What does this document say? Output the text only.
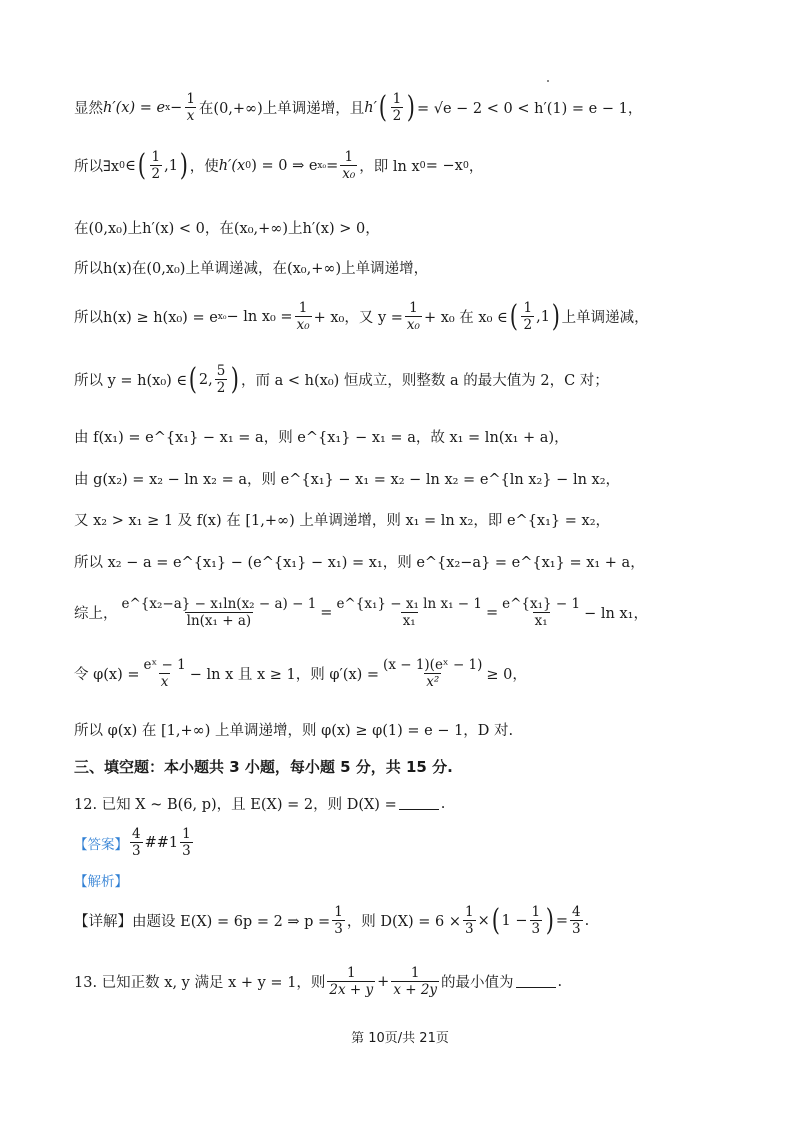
显然 h′(x) = e $x - \frac{1}{x}$ 在(0,+∞)上单调递增，且 h′ ( $\frac{1}{2}$ ) = √e − 2 < 0 < h′(1) = e − 1，
所以∃x 0 ∈ ( $\frac{1}{2}$ , 1 ) ，使 h′(x 0 ) = 0 ⇒ e $x_0 = \frac{1}{\text{x₀}}$ ，即 ln x 0 = −x 0 ，
在(0,x₀)上h′(x) < 0，在(x₀,+∞)上h′(x) > 0，
所以h(x)在(0,x₀)上单调递减，在(x₀,+∞)上单调递增，
所以h(x) ≥ h(x₀) = e $x_0 - \ln x_0 = \frac{1}{\text{x₀}} + x_0$，又 $y = \frac{1}{\text{x₀}} + x_0$ 在 x₀ ∈ ( $\frac{1}{2}$ , 1 ) 上单调递减，
所以 y = h(x₀) ∈ ( 2, $\frac{5}{2}$ ) ，而 a < h(x₀) 恒成立，则整数 a 的最大值为 2，C 对；
由 f(x₁) = e^{x₁} − x₁ = a，则 e^{x₁} − x₁ = a，故 x₁ = ln(x₁ + a)，
由 g(x₂) = x₂ − ln x₂ = a，则 e^{x₁} − x₁ = x₂ − ln x₂ = e^{ln x₂} − ln x₂，
又 x₂ > x₁ ≥ 1 及 f(x) 在 [1,+∞) 上单调递增，则 x₁ = ln x₂，即 e^{x₁} = x₂，
所以 x₂ − a = e^{x₁} − (e^{x₁} − x₁) = x₁，则 e^{x₂−a} = e^{x₁} = x₁ + a，
综上， $\frac{\text{e\textasciicircum{}\{x₂−a\} − x₁ln(x₂ − a) − 1}}{\text{ln(x₁ + a)}} = \frac{\text{e\textasciicircum{}\{x₁\} − x₁ ln x₁ − 1}}{\text{x₁}} = \frac{\text{e\textasciicircum{}\{x₁\} − 1}}{\text{x₁}} - \ln x_1$，
令 $\varphi(x) = \frac{\text{eˣ − 1}}{x} - \ln x$ 且 x ≥ 1，则 $\varphi'(x) = \frac{\text{(x − 1)(eˣ − 1)}}{\text{x²}} \ge 0$，
所以 φ(x) 在 [1,+∞) 上单调递增，则 φ(x) ≥ φ(1) = e − 1，D 对.
三、填空题：本小题共 3 小题，每小题 5 分，共 15 分.
12. 已知 X ~ B(6, p)，且 E(X) = 2，则 D(X) =	.
【答案】 $\frac{4}{3}$ ##1 $\frac{1}{3}$
【解析】
【详解】 由题设 E(X) = 6p = 2 ⇒ $p = \frac{1}{3}$ ，则 $D(X) = 6 \times \frac{1}{3}$ × ( $1 - \frac{1}{3}$ ) = $\frac{4}{3}$ .
13. 已知正数 x, y 满足 x + y = 1，则 $\frac{1}{2x + y} + \frac{1}{x + 2y}$ 的最小值为	.
第 10页/共 21页
